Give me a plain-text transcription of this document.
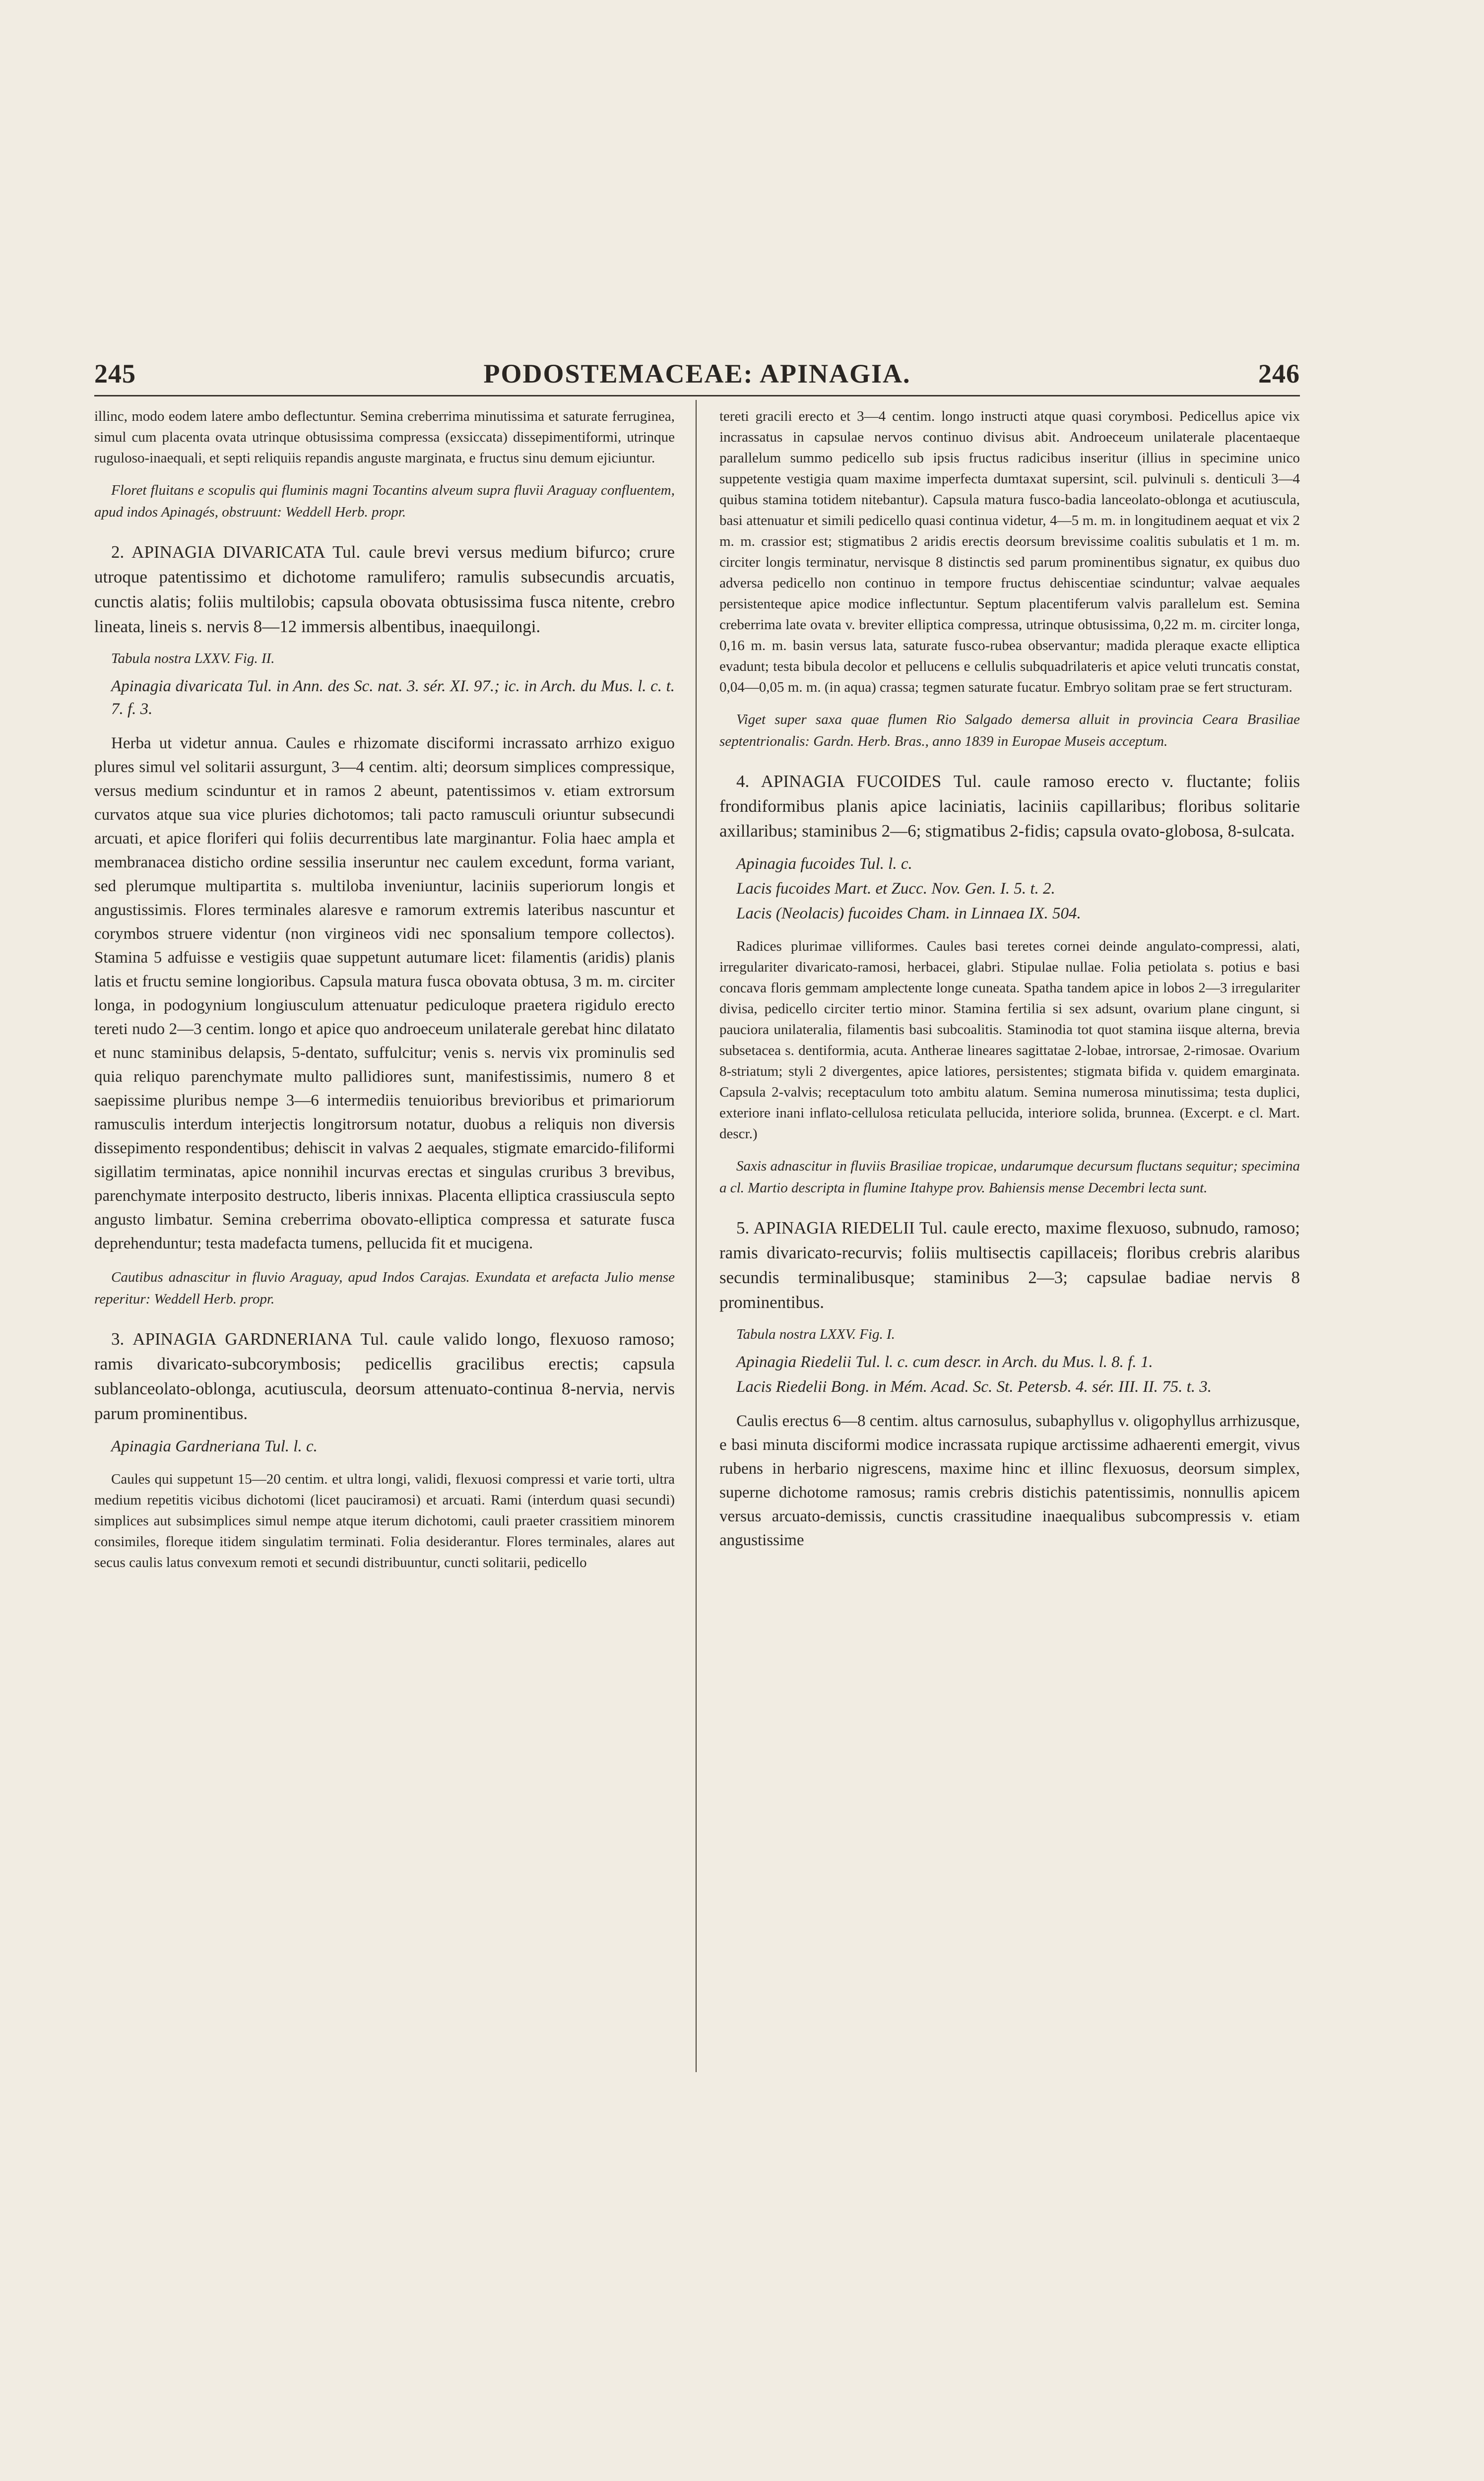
245	PODOSTEMACEAE: APINAGIA.	246

illinc, modo eodem latere ambo deflectuntur. Semina creberrima minutissima et saturate ferruginea, simul cum placenta ovata utrinque obtusissima compressa (exsiccata) dissepimentiformi, utrinque ruguloso-inaequali, et septi reliquiis repandis anguste marginata, e fructus sinu demum ejiciuntur.

Floret fluitans e scopulis qui fluminis magni Tocantins alveum supra fluvii Araguay confluentem, apud indos Apinagés, obstruunt: Weddell Herb. propr.

2. APINAGIA DIVARICATA Tul. caule brevi versus medium bifurco; crure utroque patentissimo et dichotome ramulifero; ramulis subsecundis arcuatis, cunctis alatis; foliis multilobis; capsula obovata obtusissima fusca nitente, crebro lineata, lineis s. nervis 8—12 immersis albentibus, inaequilongi.

Tabula nostra LXXV. Fig. II.

Apinagia divaricata Tul. in Ann. des Sc. nat. 3. sér. XI. 97.; ic. in Arch. du Mus. l. c. t. 7. f. 3.

Herba ut videtur annua. Caules e rhizomate disciformi incrassato arrhizo exiguo plures simul vel solitarii assurgunt, 3—4 centim. alti; deorsum simplices compressique, versus medium scinduntur et in ramos 2 abeunt, patentissimos v. etiam extrorsum curvatos atque sua vice pluries dichotomos; tali pacto ramusculi oriuntur subsecundi arcuati, et apice floriferi qui foliis decurrentibus late marginantur. Folia haec ampla et membranacea disticho ordine sessilia inseruntur nec caulem excedunt, forma variant, sed plerumque multipartita s. multiloba inveniuntur, laciniis superiorum longis et angustissimis. Flores terminales alaresve e ramorum extremis lateribus nascuntur et corymbos struere videntur (non virgineos vidi nec sponsalium tempore collectos). Stamina 5 adfuisse e vestigiis quae suppetunt autumare licet: filamentis (aridis) planis latis et fructu semine longioribus. Capsula matura fusca obovata obtusa, 3 m. m. circiter longa, in podogynium longiusculum attenuatur pediculoque praetera rigidulo erecto tereti nudo 2—3 centim. longo et apice quo androeceum unilaterale gerebat hinc dilatato et nunc staminibus delapsis, 5-dentato, suffulcitur; venis s. nervis vix prominulis sed quia reliquo parenchymate multo pallidiores sunt, manifestissimis, numero 8 et saepissime pluribus nempe 3—6 intermediis tenuioribus brevioribus et primariorum ramusculis interdum interjectis longitrorsum notatur, duobus a reliquis non diversis dissepimento respondentibus; dehiscit in valvas 2 aequales, stigmate emarcido-filiformi sigillatim terminatas, apice nonnihil incurvas erectas et singulas cruribus 3 brevibus, parenchymate interposito destructo, liberis innixas. Placenta elliptica crassiuscula septo angusto limbatur. Semina creberrima obovato-elliptica compressa et saturate fusca deprehenduntur; testa madefacta tumens, pellucida fit et mucigena.

Cautibus adnascitur in fluvio Araguay, apud Indos Carajas. Exundata et arefacta Julio mense reperitur: Weddell Herb. propr.

3. APINAGIA GARDNERIANA Tul. caule valido longo, flexuoso ramoso; ramis divaricato-subcorymbosis; pedicellis gracilibus erectis; capsula sublanceolato-oblonga, acutiuscula, deorsum attenuato-continua 8-nervia, nervis parum prominentibus.

Apinagia Gardneriana Tul. l. c.

Caules qui suppetunt 15—20 centim. et ultra longi, validi, flexuosi compressi et varie torti, ultra medium repetitis vicibus dichotomi (licet pauciramosi) et arcuati. Rami (interdum quasi secundi) simplices aut subsimplices simul nempe atque iterum dichotomi, cauli praeter crassitiem minorem consimiles, floreque itidem singulatim terminati. Folia desiderantur. Flores terminales, alares aut secus caulis latus convexum remoti et secundi distribuuntur, cuncti solitarii, pedicello

tereti gracili erecto et 3—4 centim. longo instructi atque quasi corymbosi. Pedicellus apice vix incrassatus in capsulae nervos continuo divisus abit. Androeceum unilaterale placentaeque parallelum summo pedicello sub ipsis fructus radicibus inseritur (illius in specimine unico suppetente vestigia quam maxime imperfecta dumtaxat supersint, scil. pulvinuli s. denticuli 3—4 quibus stamina totidem nitebantur). Capsula matura fusco-badia lanceolato-oblonga et acutiuscula, basi attenuatur et simili pedicello quasi continua videtur, 4—5 m. m. in longitudinem aequat et vix 2 m. m. crassior est; stigmatibus 2 aridis erectis deorsum brevissime coalitis subulatis et 1 m. m. circiter longis terminatur, nervisque 8 distinctis sed parum prominentibus signatur, ex quibus duo adversa pedicello non continuo in tempore fructus dehiscentiae scinduntur; valvae aequales persistenteque apice modice inflectuntur. Septum placentiferum valvis parallelum est. Semina creberrima late ovata v. breviter elliptica compressa, utrinque obtusissima, 0,22 m. m. circiter longa, 0,16 m. m. basin versus lata, saturate fusco-rubea observantur; madida pleraque exacte elliptica evadunt; testa bibula decolor et pellucens e cellulis subquadrilateris et apice veluti truncatis constat, 0,04—0,05 m. m. (in aqua) crassa; tegmen saturate fucatur. Embryo solitam prae se fert structuram.

Viget super saxa quae flumen Rio Salgado demersa alluit in provincia Ceara Brasiliae septentrionalis: Gardn. Herb. Bras., anno 1839 in Europae Museis acceptum.

4. APINAGIA FUCOIDES Tul. caule ramoso erecto v. fluctante; foliis frondiformibus planis apice laciniatis, laciniis capillaribus; floribus solitarie axillaribus; staminibus 2—6; stigmatibus 2-fidis; capsula ovato-globosa, 8-sulcata.

Apinagia fucoides Tul. l. c.

Lacis fucoides Mart. et Zucc. Nov. Gen. I. 5. t. 2.

Lacis (Neolacis) fucoides Cham. in Linnaea IX. 504.

Radices plurimae villiformes. Caules basi teretes cornei deinde angulato-compressi, alati, irregulariter divaricato-ramosi, herbacei, glabri. Stipulae nullae. Folia petiolata s. potius e basi concava floris gemmam amplectente longe cuneata. Spatha tandem apice in lobos 2—3 irregulariter divisa, pedicello circiter tertio minor. Stamina fertilia si sex adsunt, ovarium plane cingunt, si pauciora unilateralia, filamentis basi subcoalitis. Staminodia tot quot stamina iisque alterna, brevia subsetacea s. dentiformia, acuta. Antherae lineares sagittatae 2-lobae, introrsae, 2-rimosae. Ovarium 8-striatum; styli 2 divergentes, apice latiores, persistentes; stigmata bifida v. quidem emarginata. Capsula 2-valvis; receptaculum toto ambitu alatum. Semina numerosa minutissima; testa duplici, exteriore inani inflato-cellulosa reticulata pellucida, interiore solida, brunnea. (Excerpt. e cl. Mart. descr.)

Saxis adnascitur in fluviis Brasiliae tropicae, undarumque decursum fluctans sequitur; specimina a cl. Martio descripta in flumine Itahype prov. Bahiensis mense Decembri lecta sunt.

5. APINAGIA RIEDELII Tul. caule erecto, maxime flexuoso, subnudo, ramoso; ramis divaricato-recurvis; foliis multisectis capillaceis; floribus crebris alaribus secundis terminalibusque; staminibus 2—3; capsulae badiae nervis 8 prominentibus.

Tabula nostra LXXV. Fig. I.

Apinagia Riedelii Tul. l. c. cum descr. in Arch. du Mus. l. 8. f. 1.

Lacis Riedelii Bong. in Mém. Acad. Sc. St. Petersb. 4. sér. III. II. 75. t. 3.

Caulis erectus 6—8 centim. altus carnosulus, subaphyllus v. oligophyllus arrhizusque, e basi minuta disciformi modice incrassata rupique arctissime adhaerenti emergit, vivus rubens in herbario nigrescens, maxime hinc et illinc flexuosus, deorsum simplex, superne dichotome ramosus; ramis crebris distichis patentissimis, nonnullis apicem versus arcuato-demissis, cunctis crassitudine inaequalibus subcompressis v. etiam angustissime
